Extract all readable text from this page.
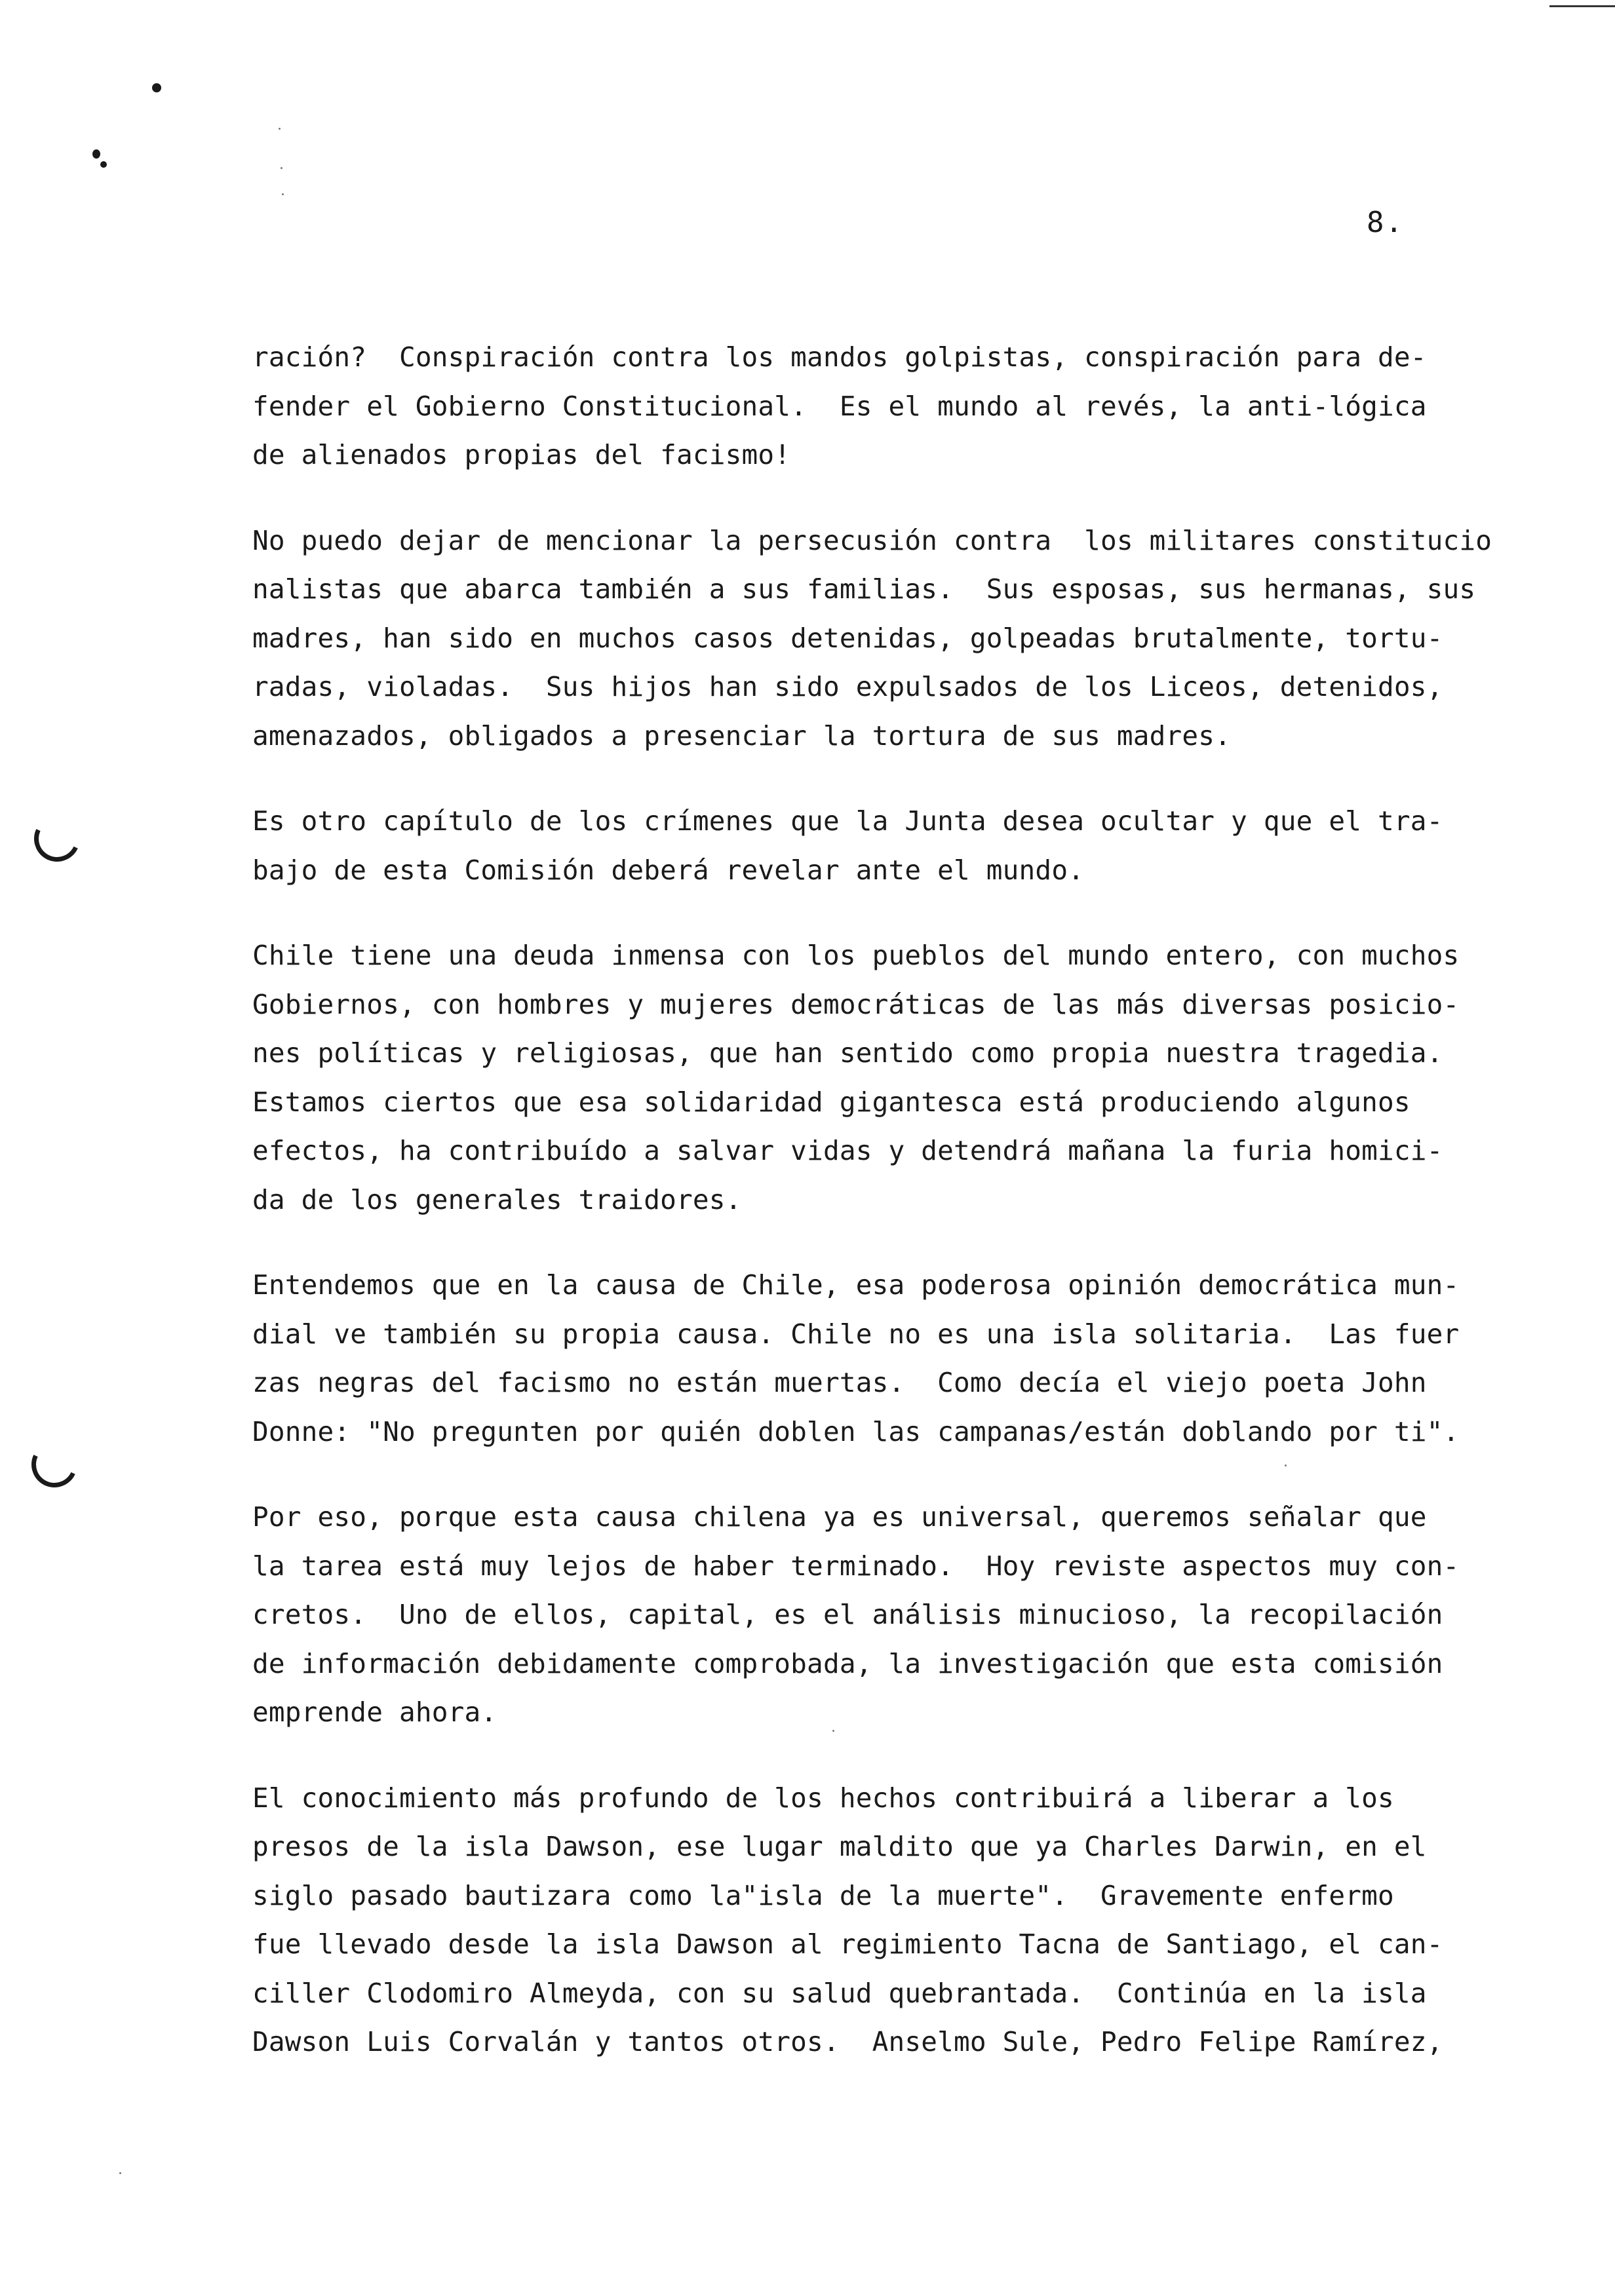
8.

ración?  Conspiración contra los mandos golpistas, conspiración para de-
fender el Gobierno Constitucional.  Es el mundo al revés, la anti-lógica
de alienados propias del facismo!

No puedo dejar de mencionar la persecusión contra  los militares constitucio
nalistas que abarca también a sus familias.  Sus esposas, sus hermanas, sus
madres, han sido en muchos casos detenidas, golpeadas brutalmente, tortu-
radas, violadas.  Sus hijos han sido expulsados de los Liceos, detenidos,
amenazados, obligados a presenciar la tortura de sus madres.

Es otro capítulo de los crímenes que la Junta desea ocultar y que el tra-
bajo de esta Comisión deberá revelar ante el mundo.

Chile tiene una deuda inmensa con los pueblos del mundo entero, con muchos
Gobiernos, con hombres y mujeres democráticas de las más diversas posicio-
nes políticas y religiosas, que han sentido como propia nuestra tragedia.
Estamos ciertos que esa solidaridad gigantesca está produciendo algunos
efectos, ha contribuído a salvar vidas y detendrá mañana la furia homici-
da de los generales traidores.

Entendemos que en la causa de Chile, esa poderosa opinión democrática mun-
dial ve también su propia causa. Chile no es una isla solitaria.  Las fuer
zas negras del facismo no están muertas.  Como decía el viejo poeta John
Donne: "No pregunten por quién doblen las campanas/están doblando por ti".

Por eso, porque esta causa chilena ya es universal, queremos señalar que
la tarea está muy lejos de haber terminado.  Hoy reviste aspectos muy con-
cretos.  Uno de ellos, capital, es el análisis minucioso, la recopilación
de información debidamente comprobada, la investigación que esta comisión
emprende ahora.

El conocimiento más profundo de los hechos contribuirá a liberar a los
presos de la isla Dawson, ese lugar maldito que ya Charles Darwin, en el
siglo pasado bautizara como la"isla de la muerte".  Gravemente enfermo
fue llevado desde la isla Dawson al regimiento Tacna de Santiago, el can-
ciller Clodomiro Almeyda, con su salud quebrantada.  Continúa en la isla
Dawson Luis Corvalán y tantos otros.  Anselmo Sule, Pedro Felipe Ramírez,
